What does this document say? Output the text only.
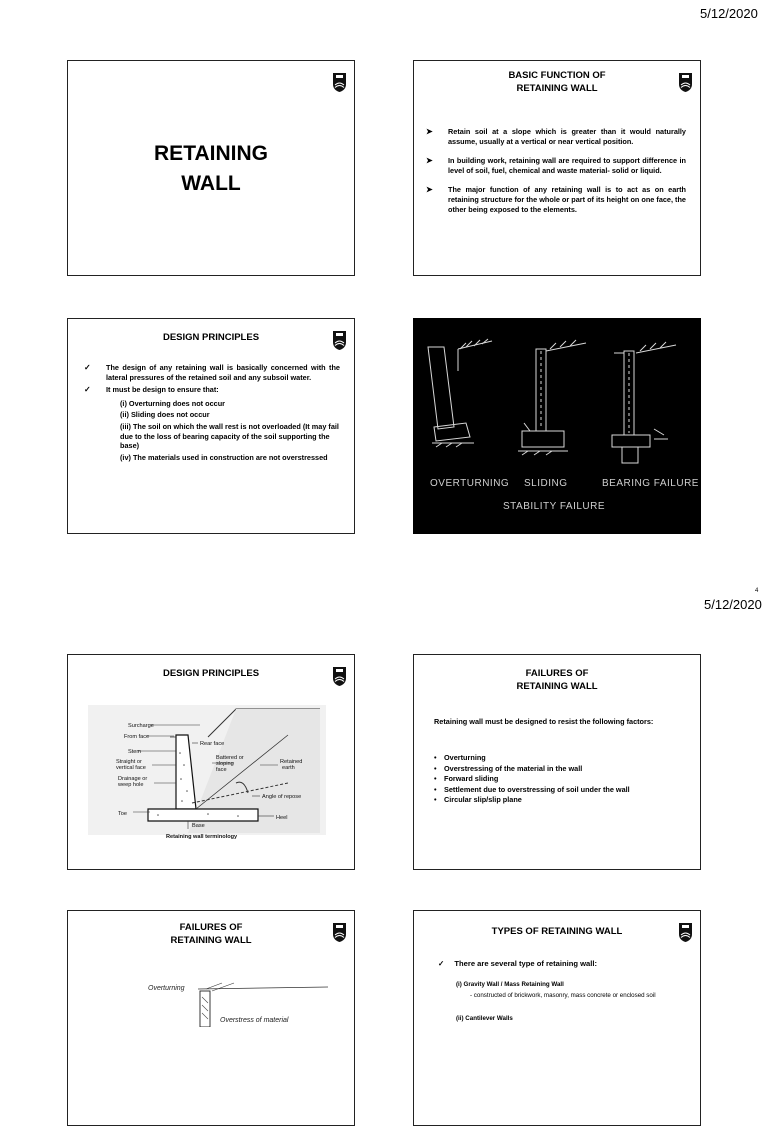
5/12/2020
4
5/12/2020
RETAINING
WALL
BASIC FUNCTION OF
RETAINING WALL
➤ Retain soil at a slope which is greater than it would naturally assume, usually at a vertical or near vertical position.
➤ In building work, retaining wall are required to support difference in level of soil, fuel, chemical and waste material- solid or liquid.
➤ The major function of any retaining wall is to act as on earth retaining structure for the whole or part of its height on one face, the other being exposed to the elements.
DESIGN PRINCIPLES
✓ The design of any retaining wall is basically concerned with the lateral pressures of the retained soil and any subsoil water.
✓ It must be design to ensure that:
(i) Overturning does not occur
(ii) Sliding does not occur
(iii) The soil on which the wall rest is not overloaded (It may fail due to the loss of bearing capacity of the soil supporting the base)
(iv) The materials used in construction are not overstressed
OVERTURNING SLIDING	BEARING FAILURE
STABILITY FAILURE
DESIGN PRINCIPLES
Surcharge
From face
Stem
Straight or
vertical face
Drainage or
weep hole
Toe
Base
Rear face
Battered or
sloping
face
Retained
earth
Angle of repose
Heel
Retaining wall terminology
FAILURES OF
RETAINING WALL

Retaining wall must be designed to resist the following factors:

• Overturning
• Overstressing of the material in the wall
• Forward sliding
• Settlement due to overstressing of soil under the wall
• Circular slip/slip plane
FAILURES OF
RETAINING WALL
Overturning
Overstress of material
TYPES OF RETAINING WALL
✓ There are several type of retaining wall:
(i) Gravity Wall / Mass Retaining Wall
- constructed of brickwork, masonry, mass concrete or enclosed soil
(ii) Cantilever Walls
